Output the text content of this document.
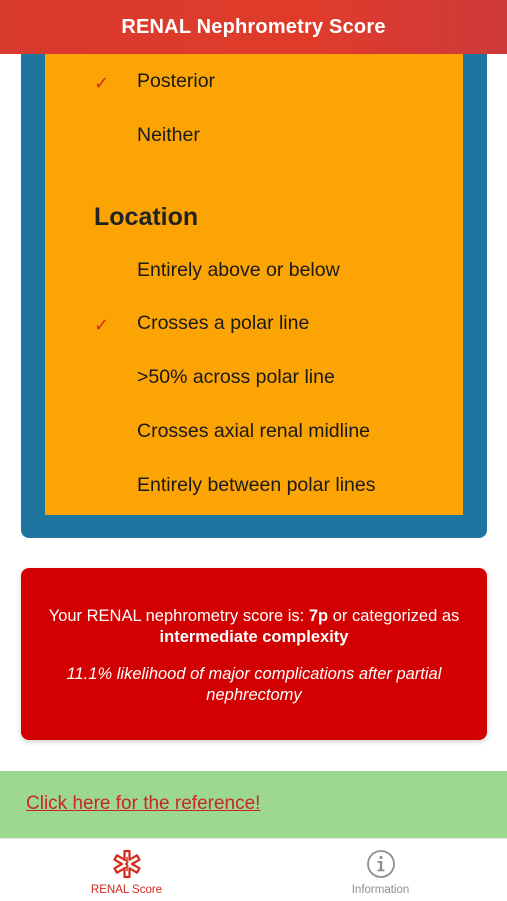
RENAL Nephrometry Score
✓ Posterior
Neither
Location
Entirely above or below
✓ Crosses a polar line
>50% across polar line
Crosses axial renal midline
Entirely between polar lines
Your RENAL nephrometry score is: 7p or categorized as intermediate complexity
11.1% likelihood of major complications after partial nephrectomy
Click here for the reference!
RENAL Score	Information
